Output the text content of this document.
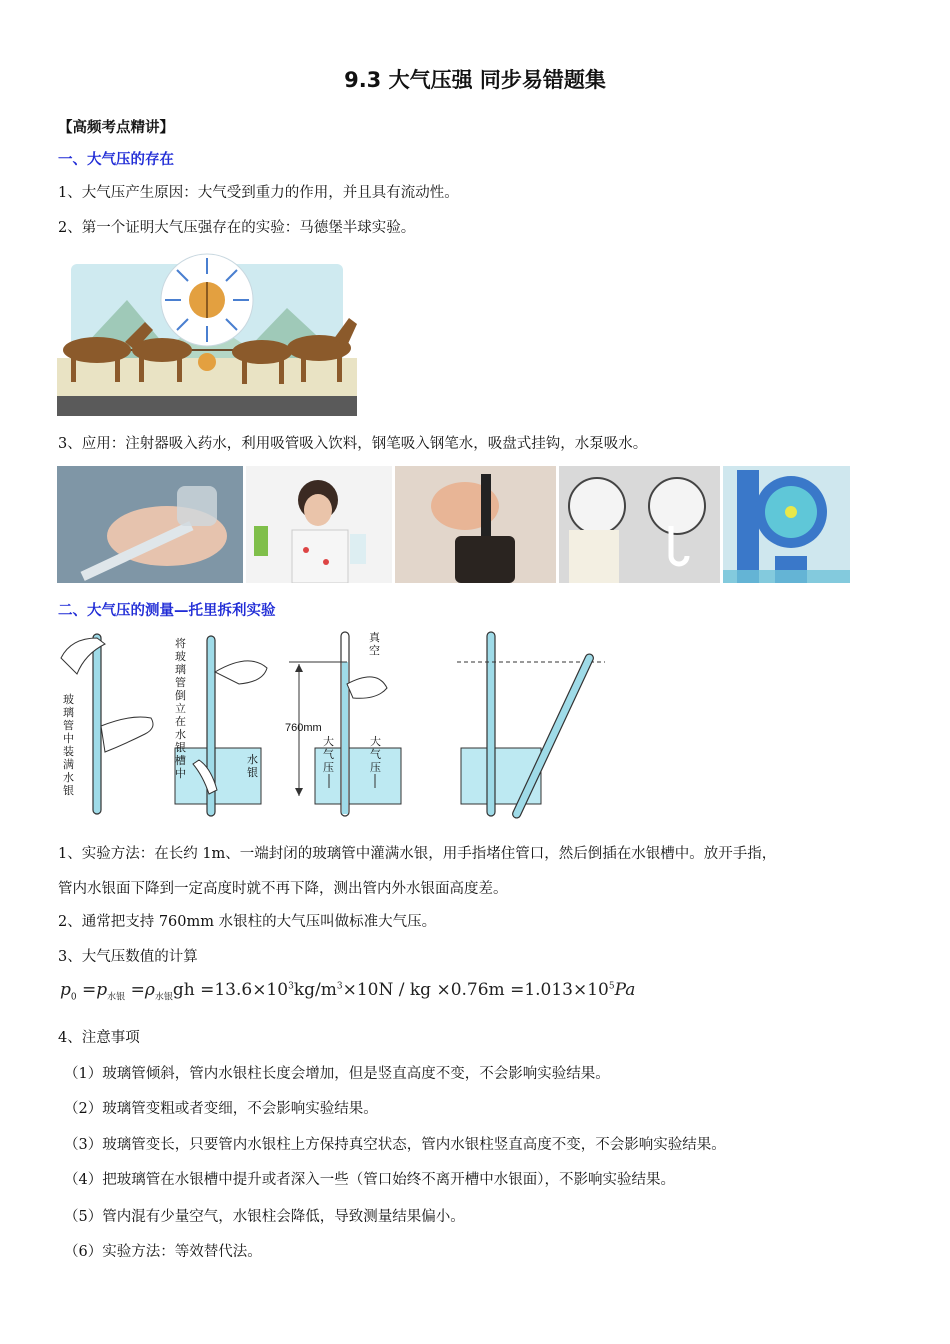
9.3 大气压强 同步易错题集
【高频考点精讲】
一、大气压的存在
1、大气压产生原因：大气受到重力的作用，并且具有流动性。
2、第一个证明大气压强存在的实验：马德堡半球实验。
3、应用：注射器吸入药水，利用吸管吸入饮料，钢笔吸入钢笔水，吸盘式挂钩，水泵吸水。
二、大气压的测量—托里拆利实验
玻璃管中装满水银
将玻璃管倒立在水银槽中
水银
真空
760mm
大气压
大气压
1、实验方法：在长约 1m、一端封闭的玻璃管中灌满水银，用手指堵住管口，然后倒插在水银槽中。放开手指，
管内水银面下降到一定高度时就不再下降，测出管内外水银面高度差。
2、通常把支持 760mm 水银柱的大气压叫做标准大气压。
3、大气压数值的计算
$p_0 =p_{水银} =\rho_{水银}gh =13.6\times 10^3kg/m^3\times 10N$ / kg $\times 0.76m =1.013\times 10^5Pa$
4、注意事项
（1）玻璃管倾斜，管内水银柱长度会增加，但是竖直高度不变，不会影响实验结果。
（2）玻璃管变粗或者变细，不会影响实验结果。
（3）玻璃管变长，只要管内水银柱上方保持真空状态，管内水银柱竖直高度不变，不会影响实验结果。
（4）把玻璃管在水银槽中提升或者深入一些（管口始终不离开槽中水银面），不影响实验结果。
（5）管内混有少量空气，水银柱会降低，导致测量结果偏小。
（6）实验方法：等效替代法。
